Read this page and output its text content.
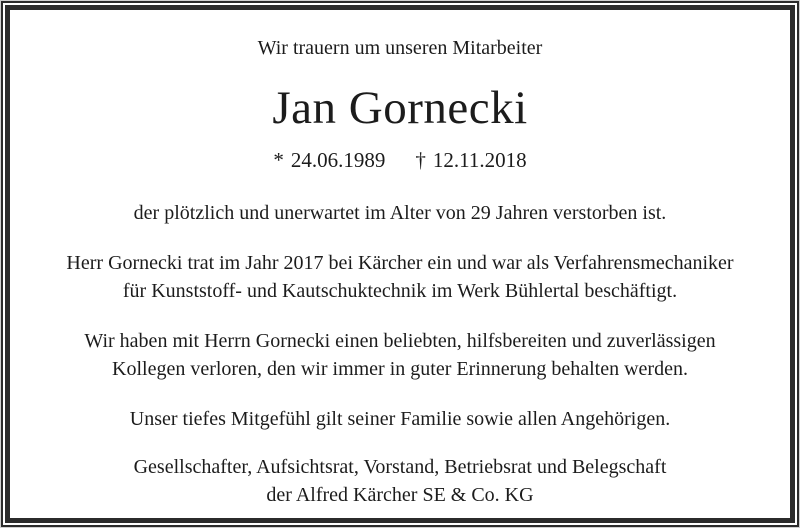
Wir trauern um unseren Mitarbeiter
Jan Gornecki
* 24.06.1989 † 12.11.2018

der plötzlich und unerwartet im Alter von 29 Jahren verstorben ist.

Herr Gornecki trat im Jahr 2017 bei Kärcher ein und war als Verfahrensmechaniker
für Kunststoff- und Kautschuktechnik im Werk Bühlertal beschäftigt.

Wir haben mit Herrn Gornecki einen beliebten, hilfsbereiten und zuverlässigen
Kollegen verloren, den wir immer in guter Erinnerung behalten werden.

Unser tiefes Mitgefühl gilt seiner Familie sowie allen Angehörigen.

Gesellschafter, Aufsichtsrat, Vorstand, Betriebsrat und Belegschaft
der Alfred Kärcher SE & Co. KG
